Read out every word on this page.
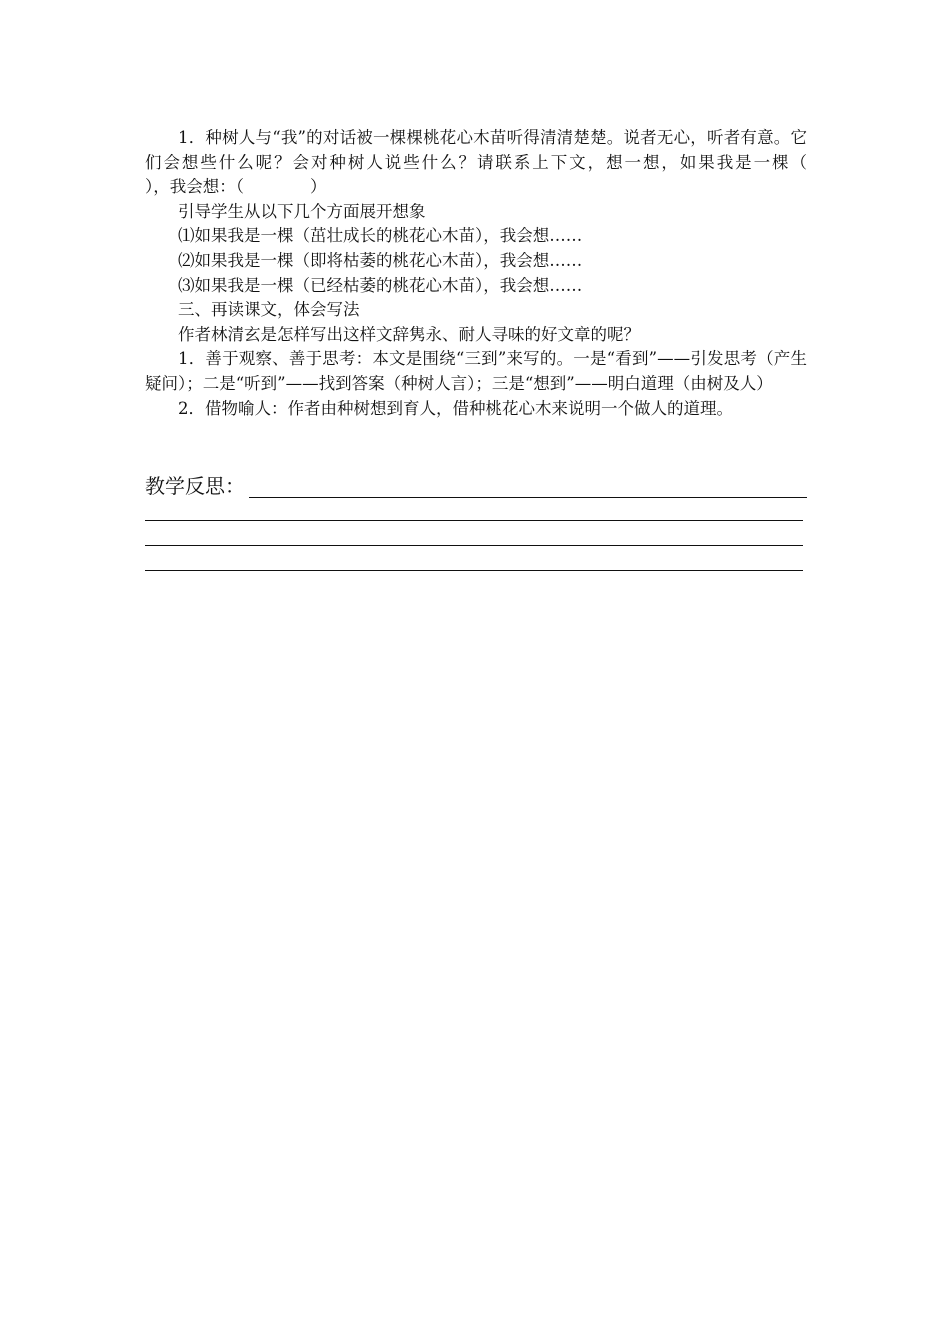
1．种树人与“我”的对话被一棵棵桃花心木苗听得清清楚楚。说者无心，听者有意。它们会想些什么呢？会对种树人说些什么？请联系上下文，想一想，如果我是一棵（　　　　），我会想：（　　　　）

引导学生从以下几个方面展开想象

⑴如果我是一棵（茁壮成长的桃花心木苗），我会想……

⑵如果我是一棵（即将枯萎的桃花心木苗），我会想……

⑶如果我是一棵（已经枯萎的桃花心木苗），我会想……

三、再读课文，体会写法

作者林清玄是怎样写出这样文辞隽永、耐人寻味的好文章的呢？

1．善于观察、善于思考：本文是围绕“三到”来写的。一是“看到”——引发思考（产生疑问）；二是“听到”——找到答案（种树人言）；三是“想到”——明白道理（由树及人）

2．借物喻人：作者由种树想到育人，借种桃花心木来说明一个做人的道理。

教学反思：
